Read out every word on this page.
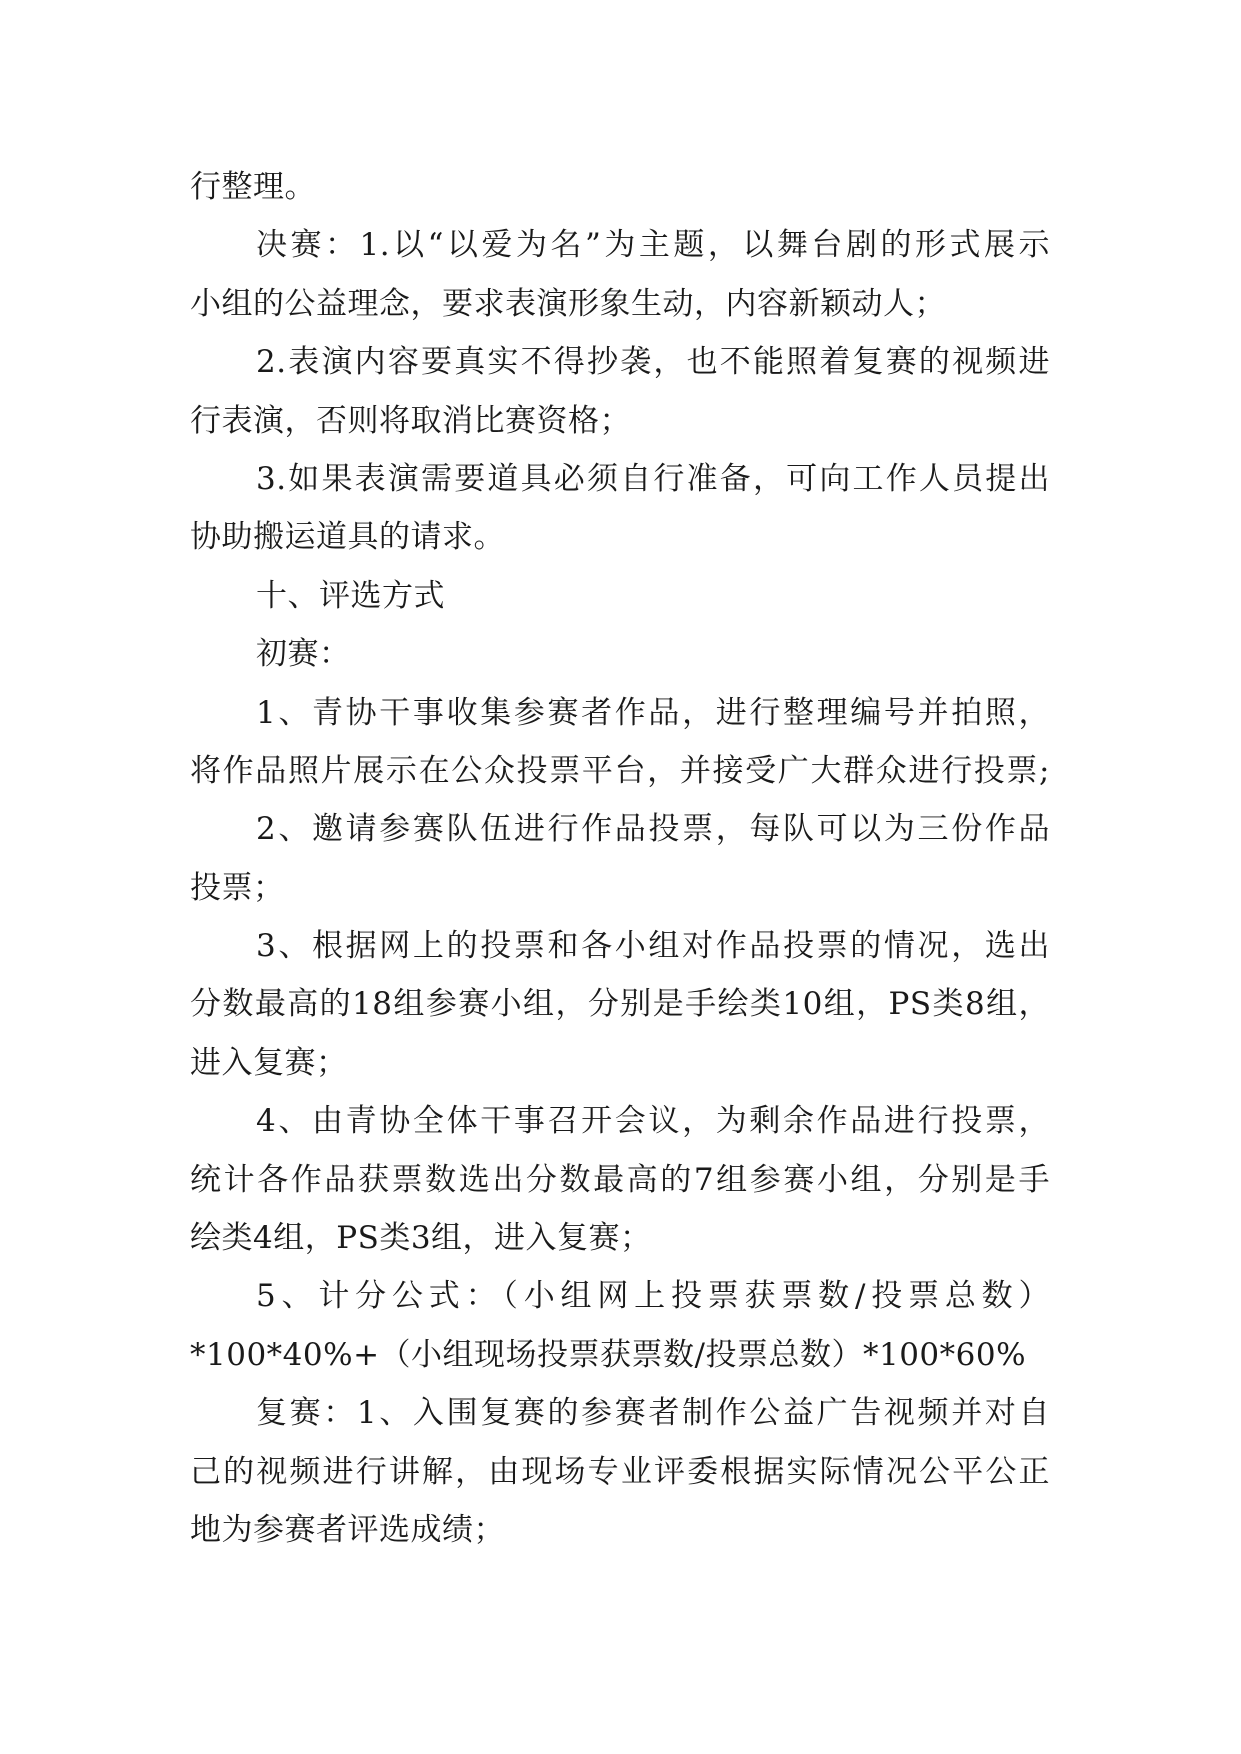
行整理。
决赛：1.以“以爱为名”为主题，以舞台剧的形式展示
小组的公益理念，要求表演形象生动，内容新颖动人；
2.表演内容要真实不得抄袭，也不能照着复赛的视频进
行表演，否则将取消比赛资格；
3.如果表演需要道具必须自行准备，可向工作人员提出
协助搬运道具的请求。
十、评选方式
初赛：
1、青协干事收集参赛者作品，进行整理编号并拍照，
将作品照片展示在公众投票平台，并接受广大群众进行投票;
2、邀请参赛队伍进行作品投票，每队可以为三份作品
投票；
3、根据网上的投票和各小组对作品投票的情况，选出
分数最高的18组参赛小组，分别是手绘类10组，PS类8组，
进入复赛；
4、由青协全体干事召开会议，为剩余作品进行投票，
统计各作品获票数选出分数最高的7组参赛小组，分别是手
绘类4组，PS类3组，进入复赛；
5、计分公式：（小组网上投票获票数/投票总数）
*100*40%+（小组现场投票获票数/投票总数）*100*60%
复赛：1、入围复赛的参赛者制作公益广告视频并对自
己的视频进行讲解，由现场专业评委根据实际情况公平公正
地为参赛者评选成绩；
